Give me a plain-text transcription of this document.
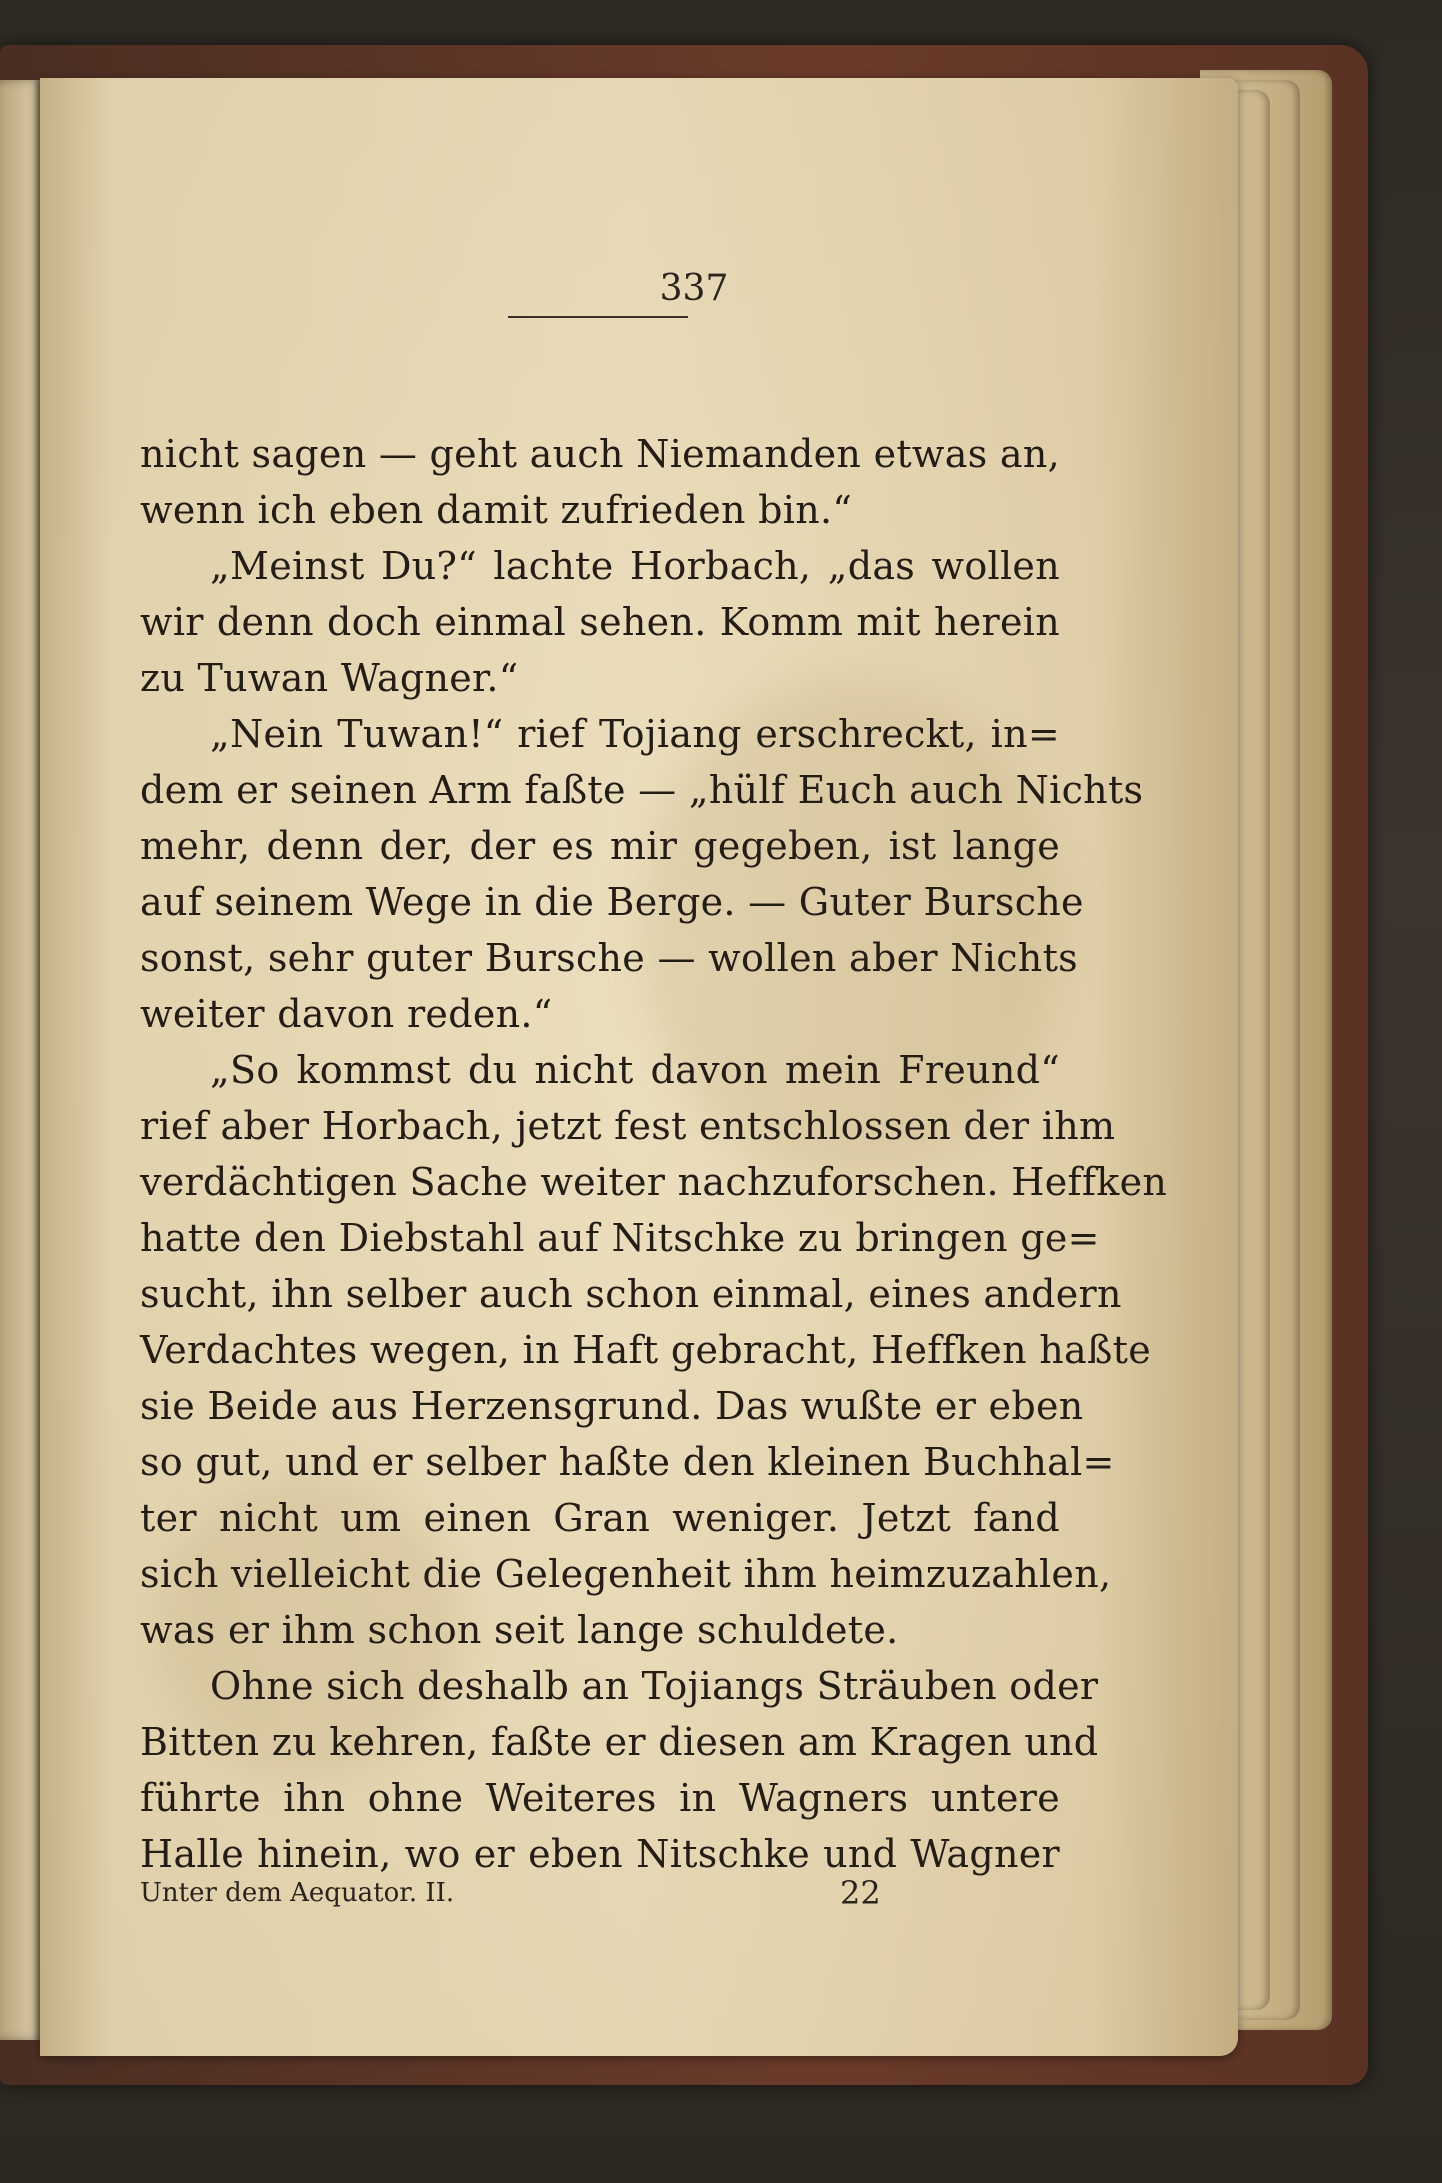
337
nicht sagen — geht auch Niemanden etwas an,
wenn ich eben damit zufrieden bin.“
„Meinst Du?“ lachte Horbach, „das wollen
wir denn doch einmal sehen. Komm mit herein
zu Tuwan Wagner.“
„Nein Tuwan!“ rief Tojiang erschreckt, in=
dem er seinen Arm faßte — „hülf Euch auch Nichts
mehr, denn der, der es mir gegeben, ist lange
auf seinem Wege in die Berge. — Guter Bursche
sonst, sehr guter Bursche — wollen aber Nichts
weiter davon reden.“
„So kommst du nicht davon mein Freund“
rief aber Horbach, jetzt fest entschlossen der ihm
verdächtigen Sache weiter nachzuforschen. Heffken
hatte den Diebstahl auf Nitschke zu bringen ge=
sucht, ihn selber auch schon einmal, eines andern
Verdachtes wegen, in Haft gebracht, Heffken haßte
sie Beide aus Herzensgrund. Das wußte er eben
so gut, und er selber haßte den kleinen Buchhal=
ter nicht um einen Gran weniger. Jetzt fand
sich vielleicht die Gelegenheit ihm heimzuzahlen,
was er ihm schon seit lange schuldete.
Ohne sich deshalb an Tojiangs Sträuben oder
Bitten zu kehren, faßte er diesen am Kragen und
führte ihn ohne Weiteres in Wagners untere
Halle hinein, wo er eben Nitschke und Wagner
Unter dem Aequator. II.	22
